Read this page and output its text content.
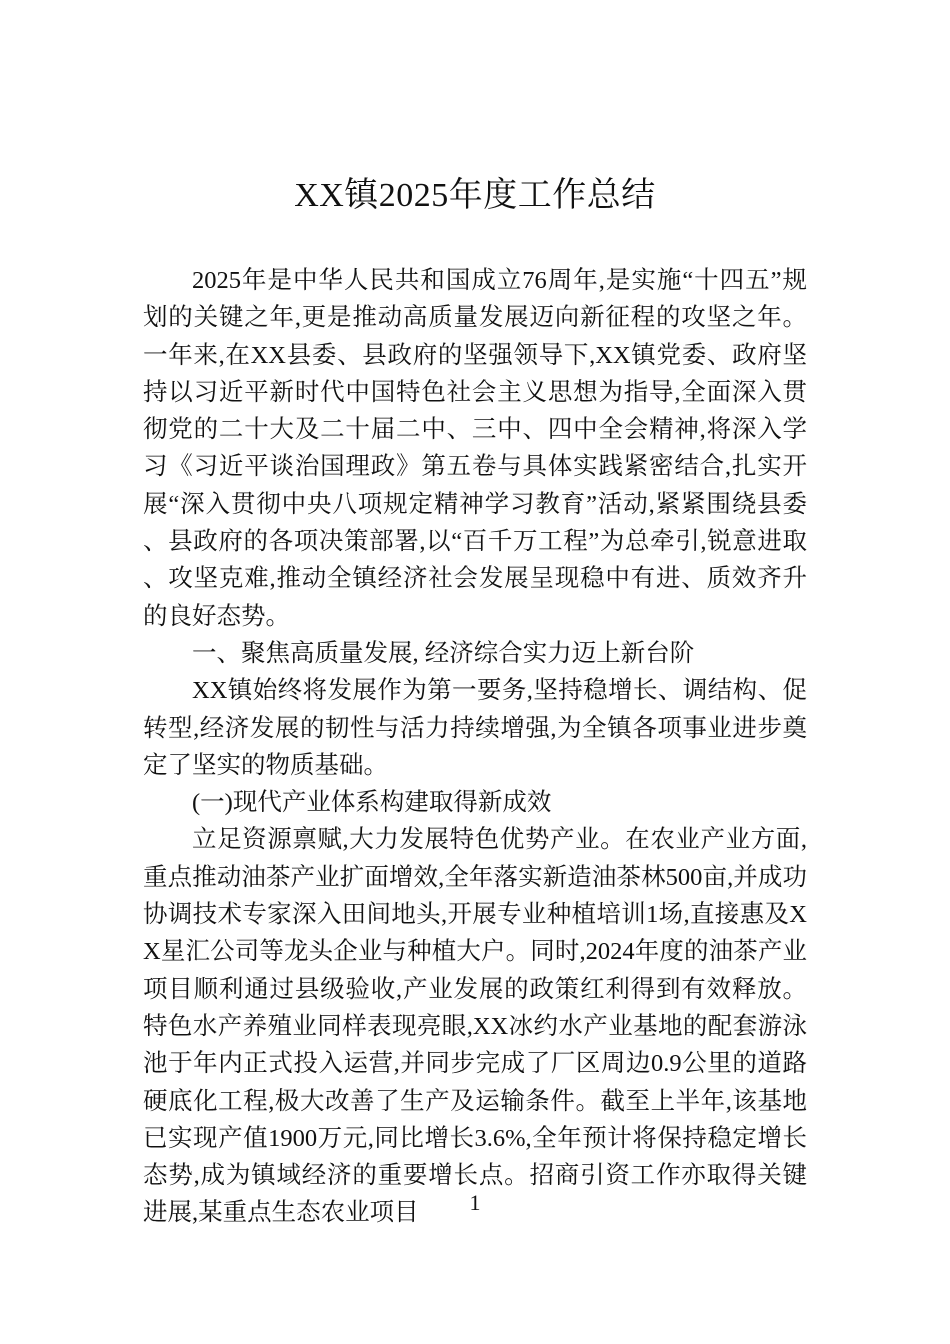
XX镇2025年度工作总结

2025年是中华人民共和国成立76周年,是实施“十四五”规划的关键之年,更是推动高质量发展迈向新征程的攻坚之年。一年来,在XX县委、县政府的坚强领导下,XX镇党委、政府坚持以习近平新时代中国特色社会主义思想为指导,全面深入贯彻党的二十大及二十届二中、三中、四中全会精神,将深入学习《习近平谈治国理政》第五卷与具体实践紧密结合,扎实开展“深入贯彻中央八项规定精神学习教育”活动,紧紧围绕县委、县政府的各项决策部署,以“百千万工程”为总牵引,锐意进取、攻坚克难,推动全镇经济社会发展呈现稳中有进、质效齐升的良好态势。

一、聚焦高质量发展, 经济综合实力迈上新台阶

XX镇始终将发展作为第一要务,坚持稳增长、调结构、促转型,经济发展的韧性与活力持续增强,为全镇各项事业进步奠定了坚实的物质基础。

(一)现代产业体系构建取得新成效

立足资源禀赋,大力发展特色优势产业。在农业产业方面,重点推动油茶产业扩面增效,全年落实新造油茶林500亩,并成功协调技术专家深入田间地头,开展专业种植培训1场,直接惠及XX星汇公司等龙头企业与种植大户。同时,2024年度的油茶产业项目顺利通过县级验收,产业发展的政策红利得到有效释放。特色水产养殖业同样表现亮眼,XX冰约水产业基地的配套游泳池于年内正式投入运营,并同步完成了厂区周边0.9公里的道路硬底化工程,极大改善了生产及运输条件。截至上半年,该基地已实现产值1900万元,同比增长3.6%,全年预计将保持稳定增长态势,成为镇域经济的重要增长点。招商引资工作亦取得关键进展,某重点生态农业项目	1
